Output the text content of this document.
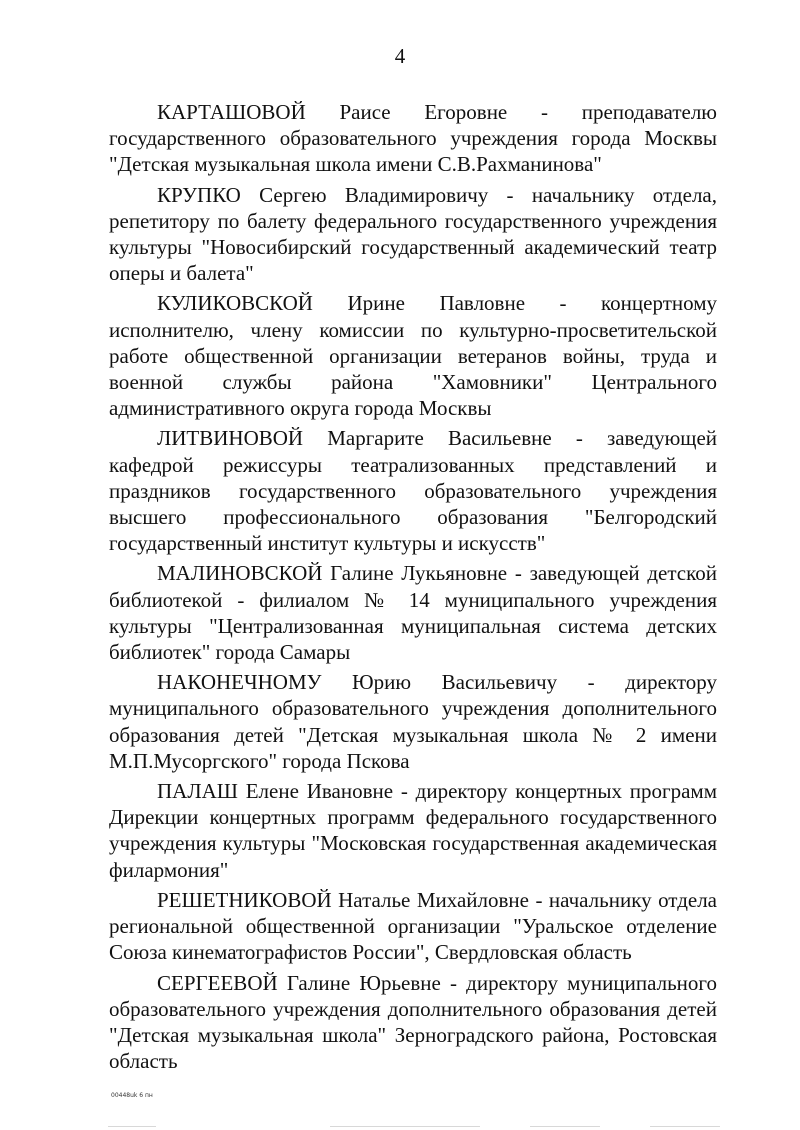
4

КАРТАШОВОЙ Раисе Егоровне - преподавателю государственного образовательного учреждения города Москвы "Детская музыкальная школа имени С.В.Рахманинова"

КРУПКО Сергею Владимировичу - начальнику отдела, репетитору по балету федерального государственного учреждения культуры "Новосибирский государственный академический театр оперы и балета"

КУЛИКОВСКОЙ Ирине Павловне - концертному исполнителю, члену комиссии по культурно-просветительской работе общественной организации ветеранов войны, труда и военной службы района "Хамовники" Центрального административного округа города Москвы

ЛИТВИНОВОЙ Маргарите Васильевне - заведующей кафедрой режиссуры театрализованных представлений и праздников государственного образовательного учреждения высшего профессионального образования "Белгородский государственный институт культуры и искусств"

МАЛИНОВСКОЙ Галине Лукьяновне - заведующей детской библиотекой - филиалом № 14 муниципального учреждения культуры "Централизованная муниципальная система детских библиотек" города Самары

НАКОНЕЧНОМУ Юрию Васильевичу - директору муниципального образовательного учреждения дополнительного образования детей "Детская музыкальная школа № 2 имени М.П.Мусоргского" города Пскова

ПАЛАШ Елене Ивановне - директору концертных программ Дирекции концертных программ федерального государственного учреждения культуры "Московская государственная академическая филармония"

РЕШЕТНИКОВОЙ Наталье Михайловне - начальнику отдела региональной общественной организации "Уральское отделение Союза кинематографистов России", Свердловская область

СЕРГЕЕВОЙ Галине Юрьевне - директору муниципального образовательного учреждения дополнительного образования детей "Детская музыкальная школа" Зерноградского района, Ростовская область

00448uk 6 пн
